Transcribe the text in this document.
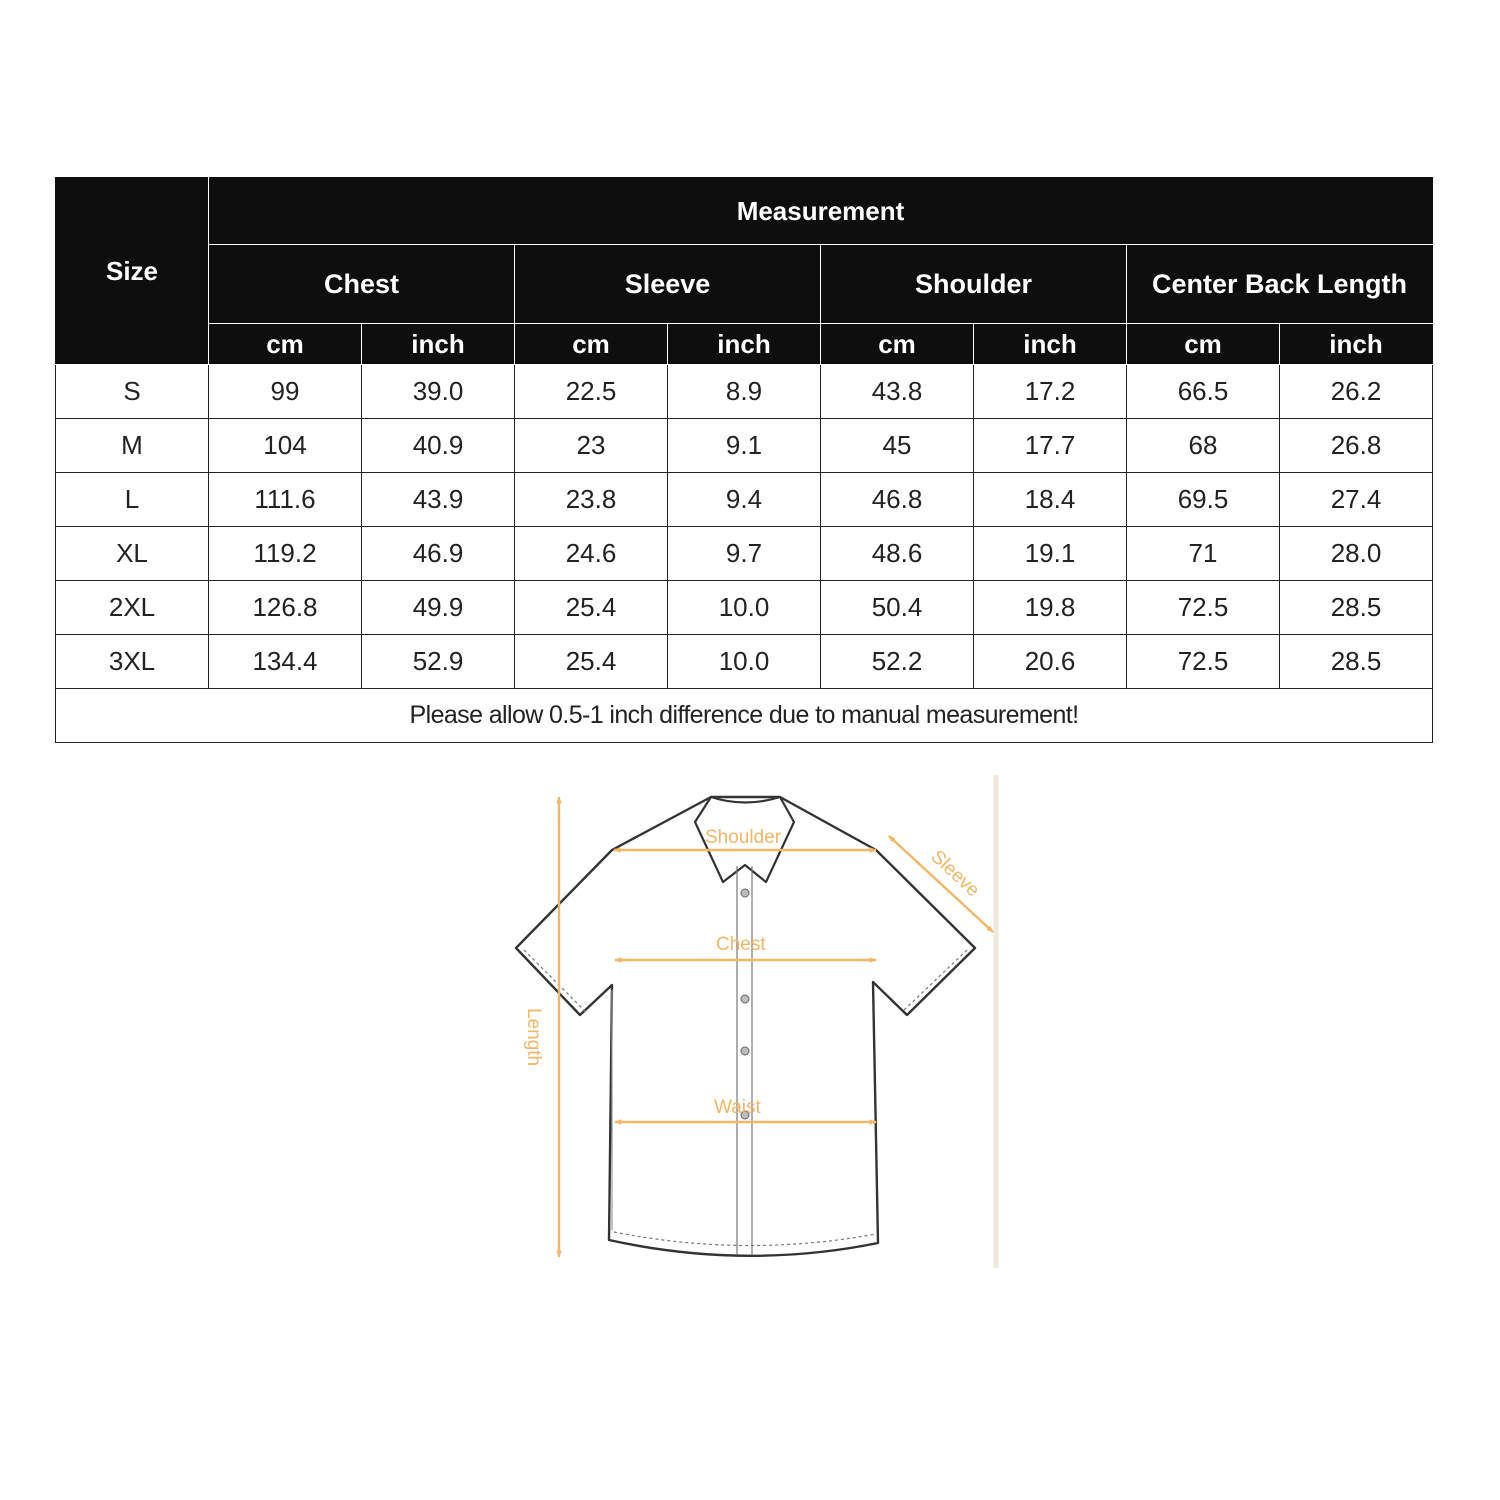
Size	Measurement							
	Chest		Sleeve		Shoulder		Center Back Length	
	cm	inch	cm	inch	cm	inch	cm	inch
S	99	39.0	22.5	8.9	43.8	17.2	66.5	26.2
M	104	40.9	23	9.1	45	17.7	68	26.8
L	111.6	43.9	23.8	9.4	46.8	18.4	69.5	27.4
XL	119.2	46.9	24.6	9.7	48.6	19.1	71	28.0
2XL	126.8	49.9	25.4	10.0	50.4	19.8	72.5	28.5
3XL	134.4	52.9	25.4	10.0	52.2	20.6	72.5	28.5
Please allow 0.5-1 inch difference due to manual measurement!								
Shoulder
Chest
Waist
Length
Sleeve
